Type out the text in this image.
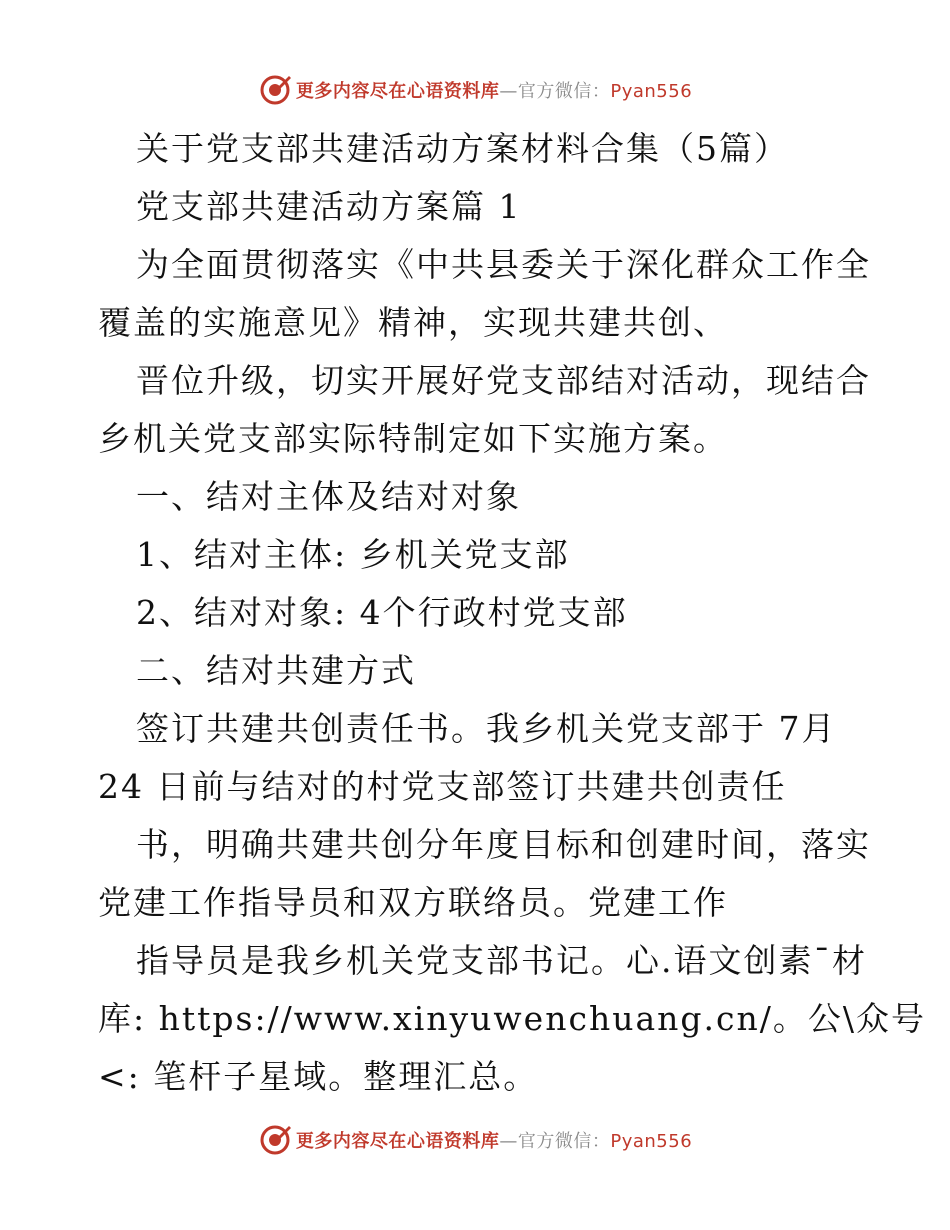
更多内容尽在心语资料库—官方微信：Pyan556
关于党支部共建活动方案材料合集（5篇）
党支部共建活动方案篇 1
为全面贯彻落实《中共县委关于深化群众工作全
覆盖的实施意见》精神，实现共建共创、
晋位升级，切实开展好党支部结对活动，现结合
乡机关党支部实际特制定如下实施方案。
一、结对主体及结对对象
1、结对主体: 乡机关党支部
2、结对对象: 4个行政村党支部
二、结对共建方式
签订共建共创责任书。我乡机关党支部于 7月
24 日前与结对的村党支部签订共建共创责任
书，明确共建共创分年度目标和创建时间，落实
党建工作指导员和双方联络员。党建工作
指导员是我乡机关党支部书记。心.语文创素¯材
库: https://www.xinyuwenchuang.cn/。公\众号
<: 笔杆子星域。整理汇总。
更多内容尽在心语资料库—官方微信：Pyan556
